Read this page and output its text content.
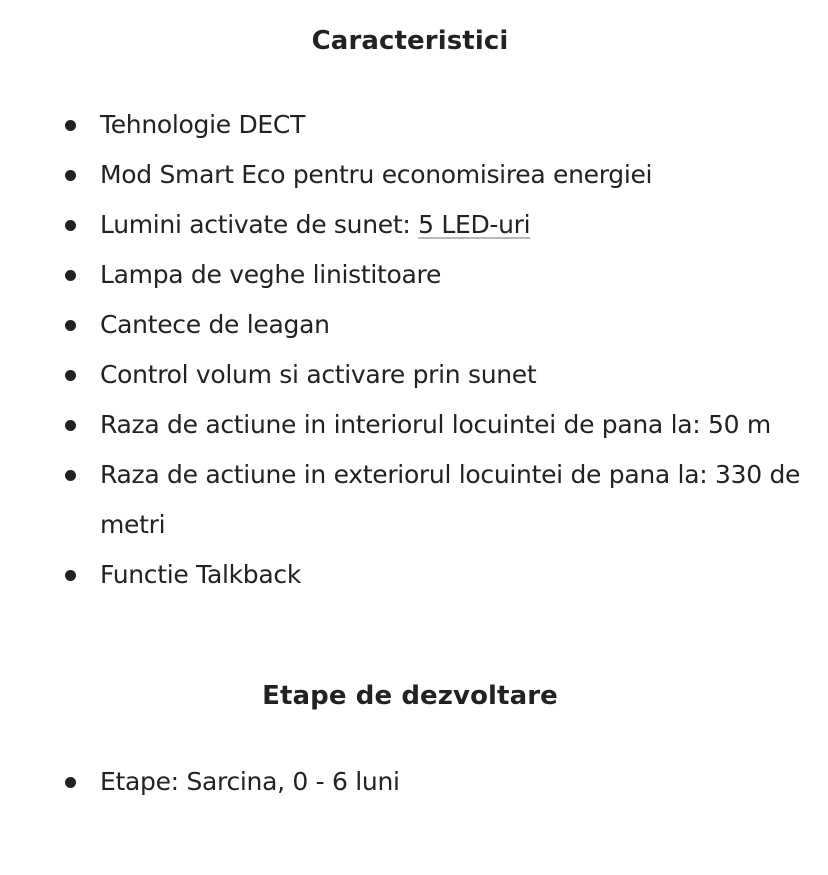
Caracteristici
Tehnologie DECT
Mod Smart Eco pentru economisirea energiei
Lumini activate de sunet: 5 LED-uri
Lampa de veghe linistitoare
Cantece de leagan
Control volum si activare prin sunet
Raza de actiune in interiorul locuintei de pana la: 50 m
Raza de actiune in exteriorul locuintei de pana la: 330 de metri
Functie Talkback
Etape de dezvoltare
Etape: Sarcina, 0 - 6 luni
